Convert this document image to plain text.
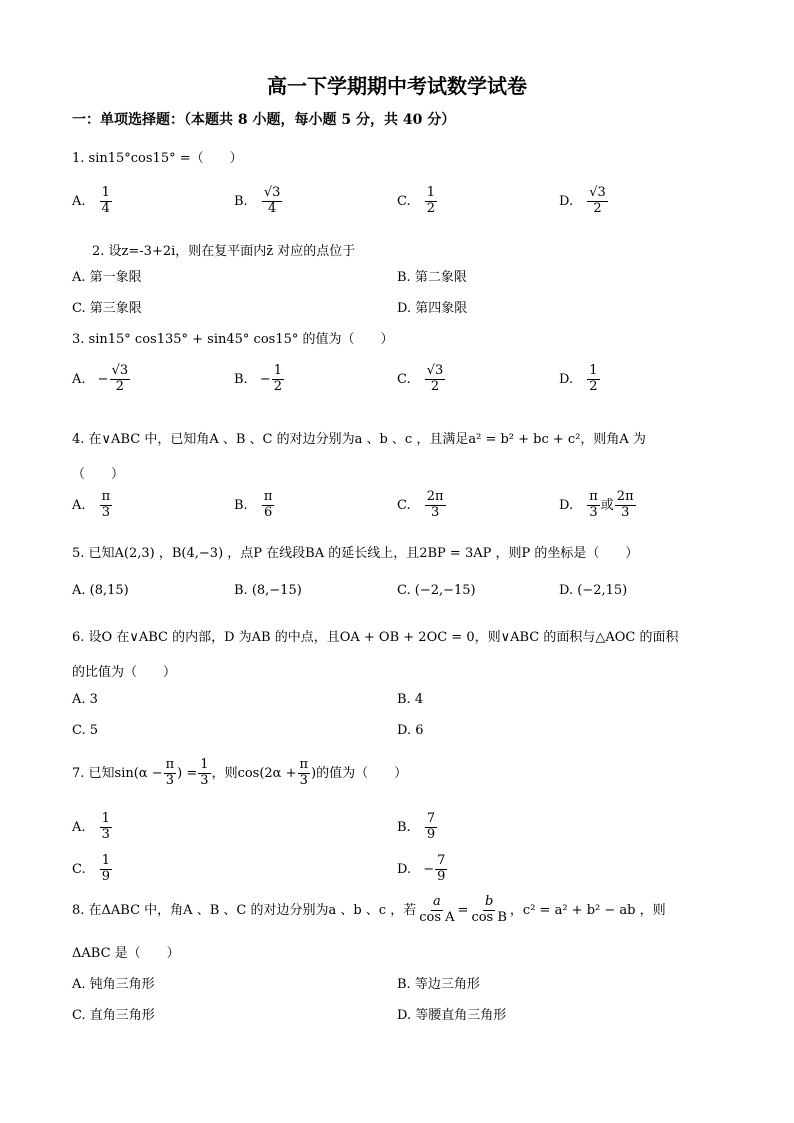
高一下学期期中考试数学试卷
一：单项选择题：（本题共 8 小题，每小题 5 分，共 40 分）
1. sin15°cos15° =（　　）
A. $\frac{1}{4}$	B. $\frac{√3}{4}$	C. $\frac{1}{2}$	D. $\frac{√3}{2}$
2. 设z=-3+2i，则在复平面内z̄ 对应的点位于
A. 第一象限	B. 第二象限
C. 第三象限	D. 第四象限
3. sin15° cos135° + sin45° cos15° 的值为（　　）
A. − $\frac{√3}{2}$	B. − $\frac{1}{2}$	C. $\frac{√3}{2}$	D. $\frac{1}{2}$
4. 在∨ABC 中，已知角A 、B 、C 的对边分别为a 、b 、c ，且满足a² = b² + bc + c²，则角A 为
（　　）
A. $\frac{\pi}{3}$	B. $\frac{\pi}{6}$	C. $\frac{2\pi}{3}$	D. $\frac{\pi}{3}$ 或 $\frac{2\pi}{3}$
5. 已知A(2,3) ，B(4,−3) ，点P 在线段BA 的延长线上，且2BP = 3AP ，则P 的坐标是（　　）
A. (8,15)	B. (8,−15)	C. (−2,−15)	D. (−2,15)
6. 设O 在∨ABC 的内部，D 为AB 的中点，且OA + OB + 2OC = 0，则∨ABC 的面积与△AOC 的面积
的比值为（　　）
A. 3	B. 4
C. 5	D. 6
7. 已知$\sin(\alpha - \frac{\pi}{3}$ ) = $\frac{1}{3}$ ，则$\cos(2\alpha + \frac{\pi}{3}$ )的值为（　　）
A. $\frac{1}{3}$	B. $\frac{7}{9}$
C. $\frac{1}{9}$	D. − $\frac{7}{9}$
8. 在ΔABC 中，角A 、B 、C 的对边分别为a 、b 、c ，若 $\frac{a}{\text{cos A}} = \frac{b}{\text{cos B}}$ ，c² = a² + b² − ab ，则
ΔABC 是（　　）
A. 钝角三角形	B. 等边三角形
C. 直角三角形	D. 等腰直角三角形
